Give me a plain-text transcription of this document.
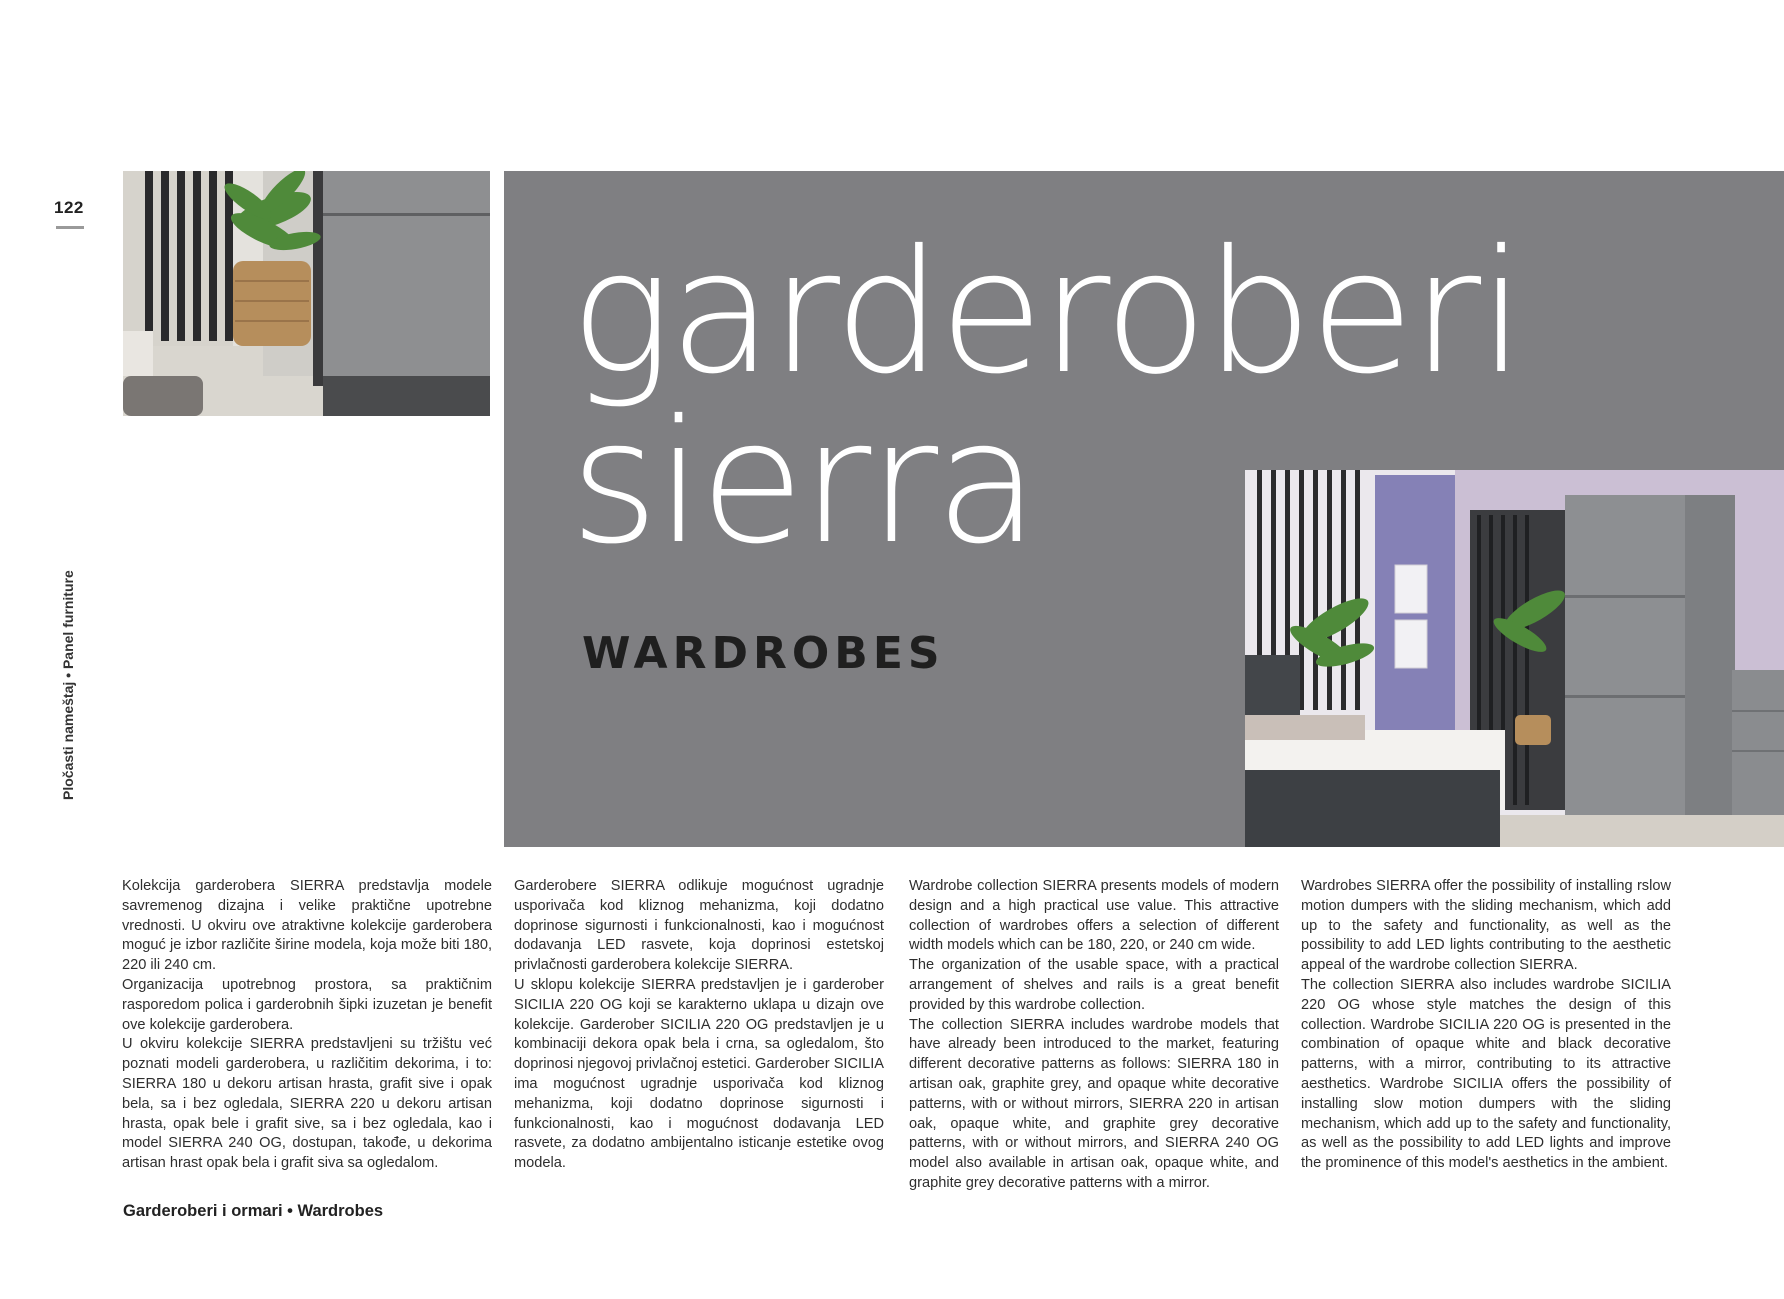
122
Pločasti nameštaj • Panel furniture
garderoberi
sierra
WARDROBES

Kolekcija garderobera SIERRA predstavlja modele savremenog dizajna i velike praktične upotrebne vrednosti. U okviru ove atraktivne kolekcije garderobera moguć je izbor različite širine modela, koja može biti 180, 220 ili 240 cm.

Organizacija upotrebnog prostora, sa praktičnim rasporedom polica i garderobnih šipki izuzetan je benefit ove kolekcije garderobera.

U okviru kolekcije SIERRA predstavljeni su tržištu već poznati modeli garderobera, u različitim dekorima, i to: SIERRA 180 u dekoru artisan hrasta, grafit sive i opak bela, sa i bez ogledala, SIERRA 220 u dekoru artisan hrasta, opak bele i grafit sive, sa i bez ogledala, kao i model SIERRA 240 OG, dostupan, takođe, u dekorima artisan hrast opak bela i grafit siva sa ogledalom.

Garderobere SIERRA odlikuje mogućnost ugradnje usporivača kod kliznog mehanizma, koji dodatno doprinose sigurnosti i funkcionalnosti, kao i mogućnost dodavanja LED rasvete, koja doprinosi estetskoj privlačnosti garderobera kolekcije SIERRA.

U sklopu kolekcije SIERRA predstavljen je i garderober SICILIA 220 OG koji se karakterno uklapa u dizajn ove kolekcije. Garderober SICILIA 220 OG predstavljen je u kombinaciji dekora opak bela i crna, sa ogledalom, što doprinosi njegovoj privlačnoj estetici. Garderober SICILIA ima mogućnost ugradnje usporivača kod kliznog mehanizma, koji dodatno doprinose sigurnosti i funkcionalnosti, kao i mogućnost dodavanja LED rasvete, za dodatno ambijentalno isticanje estetike ovog modela.

Wardrobe collection SIERRA presents models of modern design and a high practical use value. This attractive collection of wardrobes offers a selection of different width models which can be 180, 220, or 240 cm wide.

The organization of the usable space, with a practical arrangement of shelves and rails is a great benefit provided by this wardrobe collection.

The collection SIERRA includes wardrobe models that have already been introduced to the market, featuring different decorative patterns as follows: SIERRA 180 in artisan oak, graphite grey, and opaque white decorative patterns, with or without mirrors, SIERRA 220 in artisan oak, opaque white, and graphite grey decorative patterns, with or without mirrors, and SIERRA 240 OG model also available in artisan oak, opaque white, and graphite grey decorative patterns with a mirror.

Wardrobes SIERRA offer the possibility of installing rslow motion dumpers with the sliding mechanism, which add up to the safety and functionality, as well as the possibility to add LED lights contributing to the aesthetic appeal of the wardrobe collection SIERRA.

The collection SIERRA also includes wardrobe SICILIA 220 OG whose style matches the design of this collection. Wardrobe SICILIA 220 OG is presented in the combination of opaque white and black decorative patterns, with a mirror, contributing to its attractive aesthetics. Wardrobe SICILIA offers the possibility of installing slow motion dumpers with the sliding mechanism, which add up to the safety and functionality, as well as the possibility to add LED lights and improve the prominence of this model's aesthetics in the ambient.

Garderoberi i ormari • Wardrobes
